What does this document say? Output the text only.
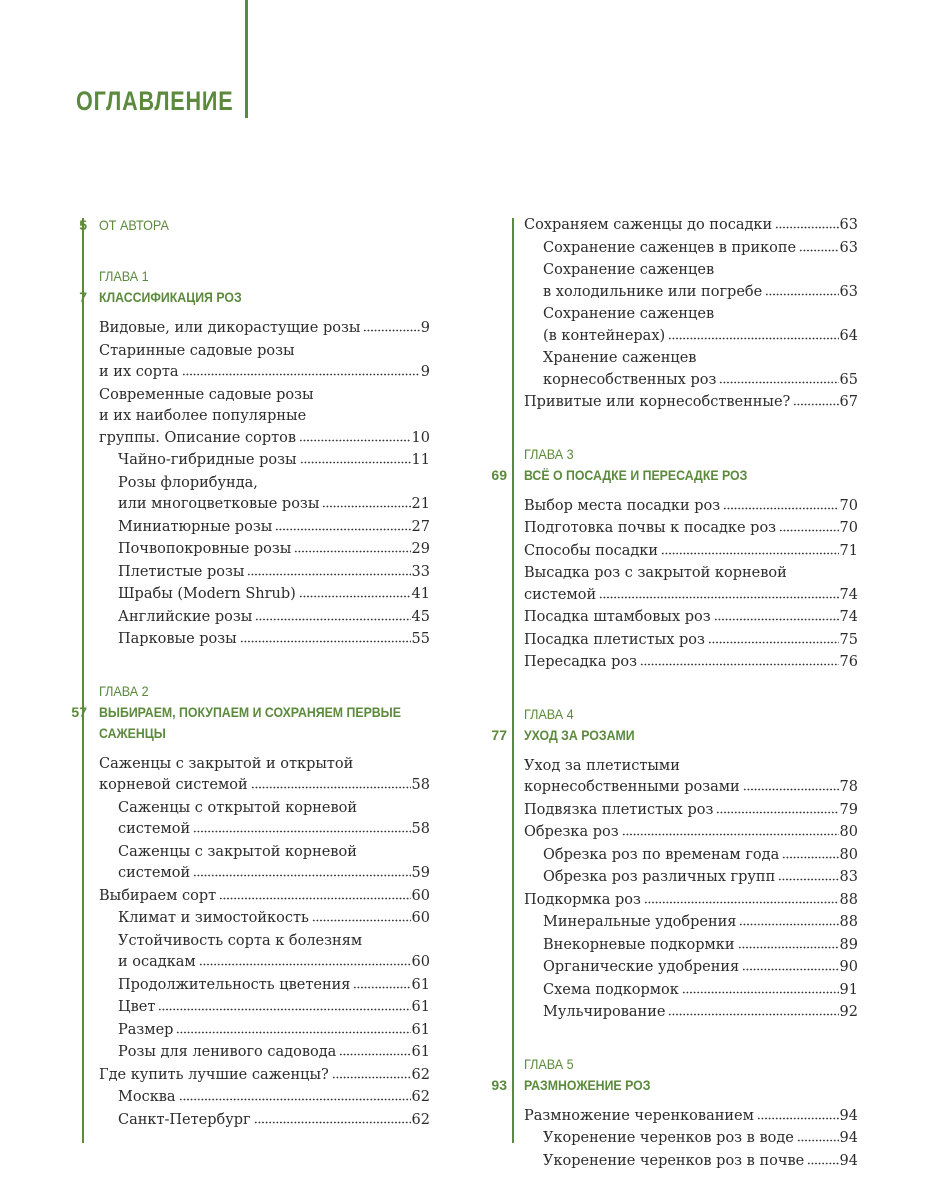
ОГЛАВЛЕНИЕ
5 ОТ АВТОРА
ГЛАВА 1
7 КЛАССИФИКАЦИЯ РОЗ
Видовые, или дикорастущие розы	9
Старинные садовые розы
и их сорта	9
Современные садовые розы
и их наиболее популярные
группы. Описание сортов	10
Чайно-гибридные розы	11
Розы флорибунда,
или многоцветковые розы	21
Миниатюрные розы	27
Почвопокровные розы	29
Плетистые розы	33
Шрабы (Modern Shrub)	41
Английские розы	45
Парковые розы	55
ГЛАВА 2
57 ВЫБИРАЕМ, ПОКУПАЕМ И СОХРАНЯЕМ ПЕРВЫЕ
САЖЕНЦЫ
Саженцы с закрытой и открытой
корневой системой	58
Саженцы с открытой корневой
системой	58
Саженцы с закрытой корневой
системой	59
Выбираем сорт	60
Климат и зимостойкость	60
Устойчивость сорта к болезням
и осадкам	60
Продолжительность цветения	61
Цвет	61
Размер	61
Розы для ленивого садовода	61
Где купить лучшие саженцы?	62
Москва	62
Санкт-Петербург	62
Сохраняем саженцы до посадки	63
Сохранение саженцев в прикопе	63
Сохранение саженцев
в холодильнике или погребе	63
Сохранение саженцев
(в контейнерах)	64
Хранение саженцев
корнесобственных роз	65
Привитые или корнесобственные?	67
ГЛАВА 3
69 ВСЁ О ПОСАДКЕ И ПЕРЕСАДКЕ РОЗ
Выбор места посадки роз	70
Подготовка почвы к посадке роз	70
Способы посадки	71
Высадка роз с закрытой корневой
системой	74
Посадка штамбовых роз	74
Посадка плетистых роз	75
Пересадка роз	76
ГЛАВА 4
77 УХОД ЗА РОЗАМИ
Уход за плетистыми
корнесобственными розами	78
Подвязка плетистых роз	79
Обрезка роз	80
Обрезка роз по временам года	80
Обрезка роз различных групп	83
Подкормка роз	88
Минеральные удобрения	88
Внекорневые подкормки	89
Органические удобрения	90
Схема подкормок	91
Мульчирование	92
ГЛАВА 5
93 РАЗМНОЖЕНИЕ РОЗ
Размножение черенкованием	94
Укоренение черенков роз в воде	94
Укоренение черенков роз в почве 94
